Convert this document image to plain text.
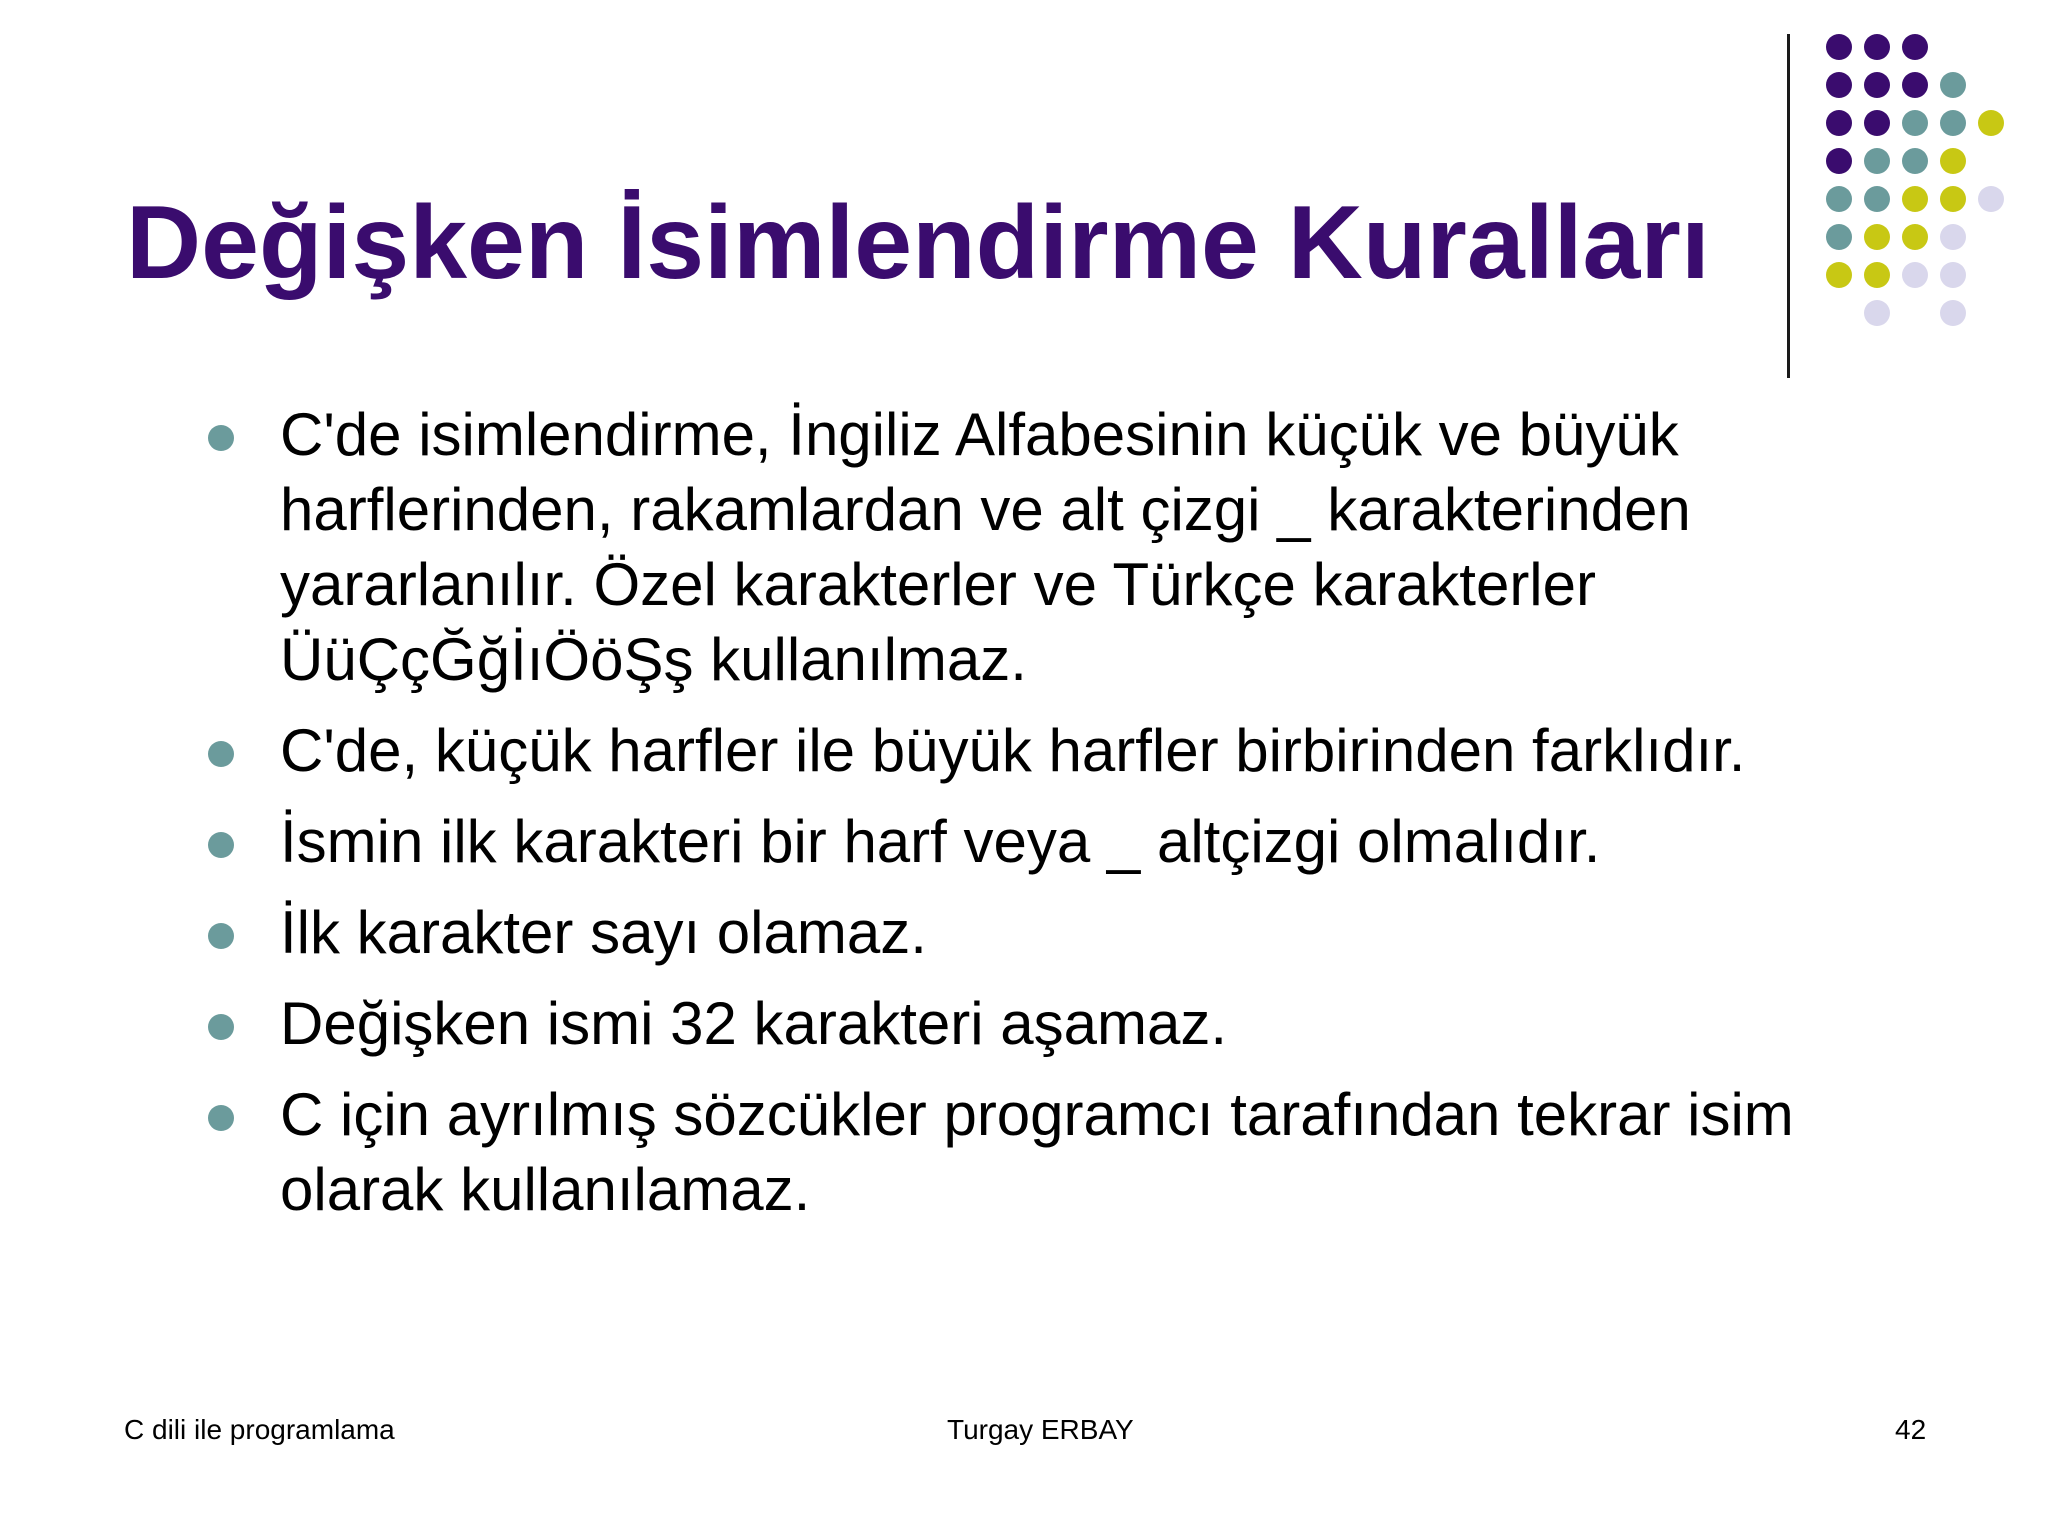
Değişken İsimlendirme Kuralları
C'de isimlendirme, İngiliz Alfabesinin küçük ve büyük harflerinden, rakamlardan ve alt çizgi _ karakterinden yararlanılır. Özel karakterler ve Türkçe karakterler ÜüÇçĞğİıÖöŞş kullanılmaz.
C'de, küçük harfler ile büyük harfler birbirinden farklıdır.
İsmin ilk karakteri bir harf veya _ altçizgi olmalıdır.
İlk karakter sayı olamaz.
Değişken ismi 32 karakteri aşamaz.
C için ayrılmış sözcükler programcı tarafından tekrar isim olarak kullanılamaz.
C dili ile programlama	Turgay ERBAY	42
